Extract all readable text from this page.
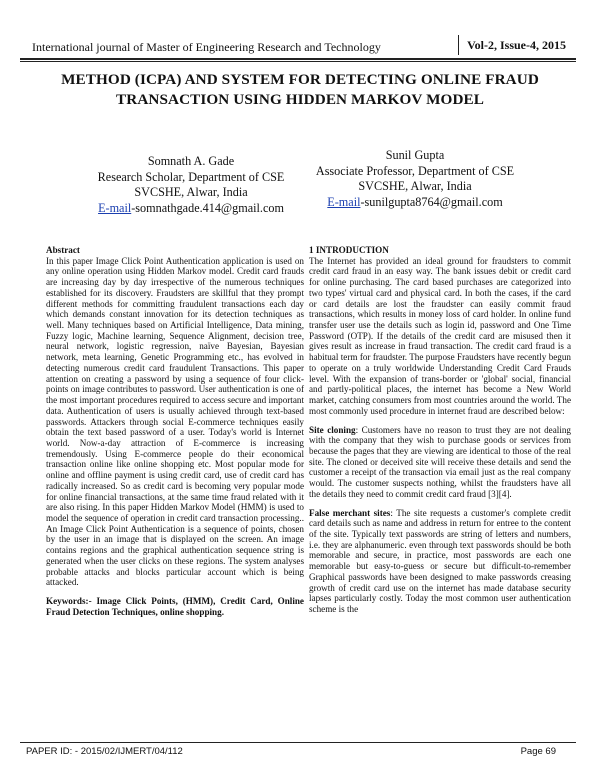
International journal of Master of Engineering Research and Technology	Vol-2, Issue-4, 2015
METHOD (ICPA) AND SYSTEM FOR DETECTING ONLINE FRAUD TRANSACTION USING HIDDEN MARKOV MODEL
Somnath A. Gade
Research Scholar, Department of CSE
SVCSHE, Alwar, India
E-mail-somnathgade.414@gmail.com
Sunil Gupta
Associate Professor, Department of CSE
SVCSHE, Alwar, India
E-mail-sunilgupta8764@gmail.com

Abstract

In this paper Image Click Point Authentication application is used on any online operation using Hidden Markov model. Credit card frauds are increasing day by day irrespective of the numerous techniques established for its discovery. Fraudsters are skillful that they prompt different methods for committing fraudulent transactions each day which demands constant innovation for its detection techniques as well. Many techniques based on Artificial Intelligence, Data mining, Fuzzy logic, Machine learning, Sequence Alignment, decision tree, neural network, logistic regression, naïve Bayesian, Bayesian network, meta learning, Genetic Programming etc., has evolved in detecting numerous credit card fraudulent Transactions. This paper attention on creating a password by using a sequence of four click-points on image contributes to password. User authentication is one of the most important procedures required to access secure and important data. Authentication of users is usually achieved through text-based passwords. Attackers through social E-commerce techniques easily obtain the text based password of a user. Today's world is Internet world. Now-a-day attraction of E-commerce is increasing tremendously. Using E-commerce people do their economical transaction online like online shopping etc. Most popular mode for online and offline payment is using credit card, use of credit card has radically increased. So as credit card is becoming very popular mode for online financial transactions, at the same time fraud related with it are also rising. In this paper Hidden Markov Model (HMM) is used to model the sequence of operation in credit card transaction processing.. An Image Click Point Authentication is a sequence of points, chosen by the user in an image that is displayed on the screen. An image contains regions and the graphical authentication sequence string is generated when the user clicks on these regions. The system analyses probable attacks and blocks particular account which is being attacked.

Keywords:- Image Click Points, (HMM), Credit Card, Online Fraud Detection Techniques, online shopping.

1 INTRODUCTION

The Internet has provided an ideal ground for fraudsters to commit credit card fraud in an easy way. The bank issues debit or credit card for online purchasing. The card based purchases are categorized into two types' virtual card and physical card. In both the cases, if the card or card details are lost the fraudster can easily commit fraud transactions, which results in money loss of card holder. In online fund transfer user use the details such as login id, password and One Time Password (OTP). If the details of the credit card are misused then it gives result as increase in fraud transaction. The credit card fraud is a habitual term for fraudster. The purpose Fraudsters have recently begun to operate on a truly worldwide Understanding Credit Card Frauds level. With the expansion of trans-border or 'global' social, financial and partly-political places, the internet has become a New World market, catching consumers from most countries around the world. The most commonly used procedure in internet fraud are described below:

Site cloning: Customers have no reason to trust they are not dealing with the company that they wish to purchase goods or services from because the pages that they are viewing are identical to those of the real site. The cloned or deceived site will receive these details and send the customer a receipt of the transaction via email just as the real company would. The customer suspects nothing, whilst the fraudsters have all the details they need to commit credit card fraud [3][4].

False merchant sites: The site requests a customer's complete credit card details such as name and address in return for entree to the content of the site. Typically text passwords are string of letters and numbers, i.e. they are alphanumeric. even through text passwords should be both memorable and secure, in practice, most passwords are each one memorable but easy-to-guess or secure but difficult-to-remember Graphical passwords have been designed to make passwords creasing growth of credit card use on the internet has made database security lapses particularly costly. Today the most common user authentication scheme is the

PAPER ID: - 2015/02/IJMERT/04/112	Page 69
